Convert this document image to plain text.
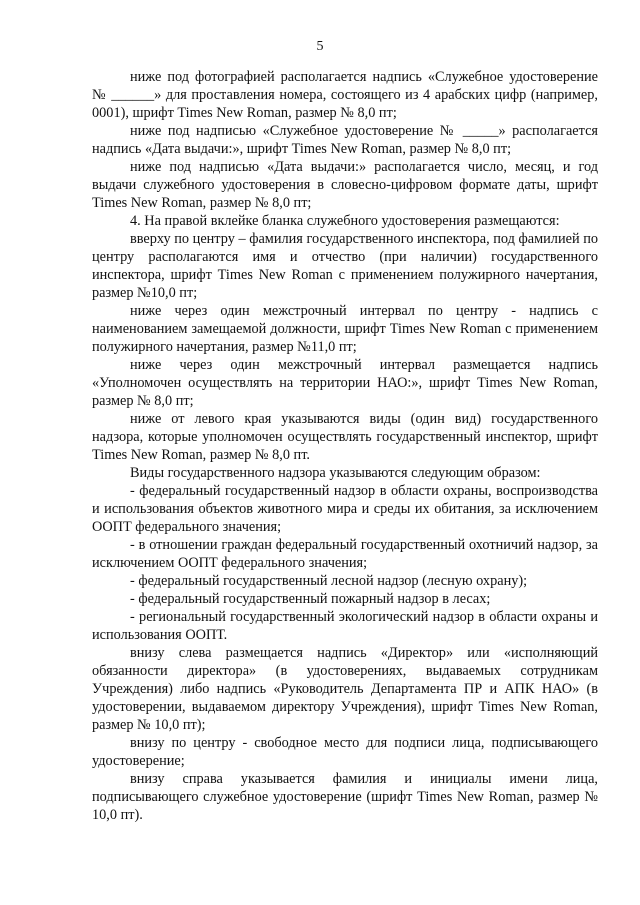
5

ниже под фотографией располагается надпись «Служебное удостоверение № ______» для проставления номера, состоящего из 4 арабских цифр (например, 0001), шрифт Times New Roman, размер № 8,0 пт;

ниже под надписью «Служебное удостоверение № _____» располагается надпись «Дата выдачи:», шрифт Times New Roman, размер № 8,0 пт;

ниже под надписью «Дата выдачи:» располагается число, месяц, и год выдачи служебного удостоверения в словесно-цифровом формате даты, шрифт Times New Roman, размер № 8,0 пт;

4. На правой вклейке бланка служебного удостоверения размещаются:

вверху по центру – фамилия государственного инспектора, под фамилией по центру располагаются имя и отчество (при наличии) государственного инспектора, шрифт Times New Roman с применением полужирного начертания, размер №10,0 пт;

ниже через один межстрочный интервал по центру - надпись с наименованием замещаемой должности, шрифт Times New Roman с применением полужирного начертания, размер №11,0 пт;

ниже через один межстрочный интервал размещается надпись «Уполномочен осуществлять на территории НАО:», шрифт Times New Roman, размер № 8,0 пт;

ниже от левого края указываются виды (один вид) государственного надзора, которые уполномочен осуществлять государственный инспектор, шрифт Times New Roman, размер № 8,0 пт.

Виды государственного надзора указываются следующим образом:

- федеральный государственный надзор в области охраны, воспроизводства и использования объектов животного мира и среды их обитания, за исключением ООПТ федерального значения;

- в отношении граждан федеральный государственный охотничий надзор, за исключением ООПТ федерального значения;

- федеральный государственный лесной надзор (лесную охрану);

- федеральный государственный пожарный надзор в лесах;

- региональный государственный экологический надзор в области охраны и использования ООПТ.

внизу слева размещается надпись «Директор» или «исполняющий обязанности директора» (в удостоверениях, выдаваемых сотрудникам Учреждения) либо надпись «Руководитель Департамента ПР и АПК НАО» (в удостоверении, выдаваемом директору Учреждения), шрифт Times New Roman, размер № 10,0 пт);

внизу по центру - свободное место для подписи лица, подписывающего удостоверение;

внизу справа указывается фамилия и инициалы имени лица, подписывающего служебное удостоверение (шрифт Times New Roman, размер № 10,0 пт).
